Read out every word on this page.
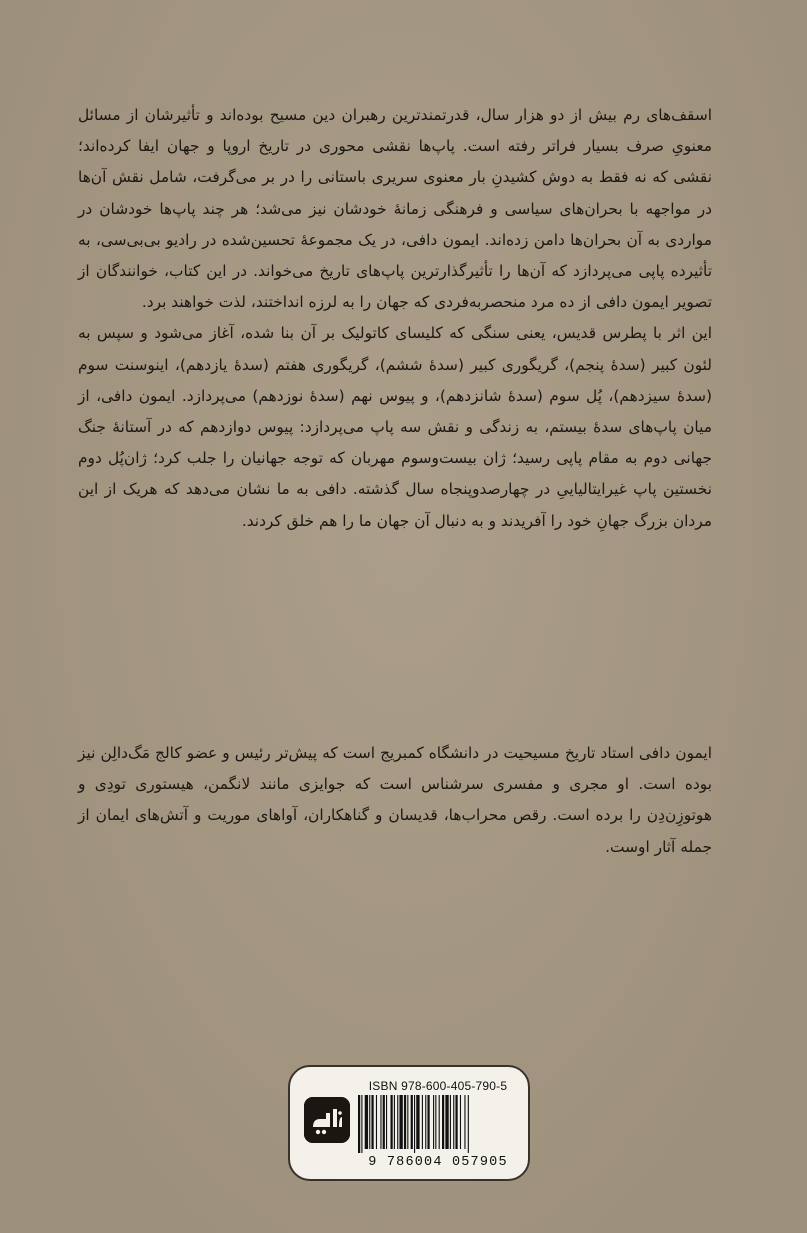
اسقف‌های رم بیش از دو هزار سال، قدرتمندترین رهبران دین مسیح بوده‌اند و تأثیرشان از مسائل معنویِ صرف بسیار فراتر رفته است. پاپ‌ها نقشی محوری در تاریخ اروپا و جهان ایفا کرده‌اند؛ نقشی که نه فقط به دوش کشیدنِ بار معنوی سریری باستانی را در بر می‌گرفت، شامل نقش آن‌ها در مواجهه با بحران‌های سیاسی و فرهنگی زمانهٔ خودشان نیز می‌شد؛ هر چند پاپ‌ها خودشان در مواردی به آن بحران‌ها دامن زده‌اند. ایمون دافی، در یک مجموعهٔ تحسین‌شده در رادیو بی‌بی‌سی، به تأثیرده پاپی می‌پردازد که آن‌ها را تأثیرگذارترین پاپ‌های تاریخ می‌خواند. در این کتاب، خوانندگان از تصویر ایمون دافی از ده مرد منحصربه‌فردی که جهان را به لرزه انداختند، لذت خواهند برد.

این اثر با پطرس قدیس، یعنی سنگی که کلیسای کاتولیک بر آن بنا شده، آغاز می‌شود و سپس به لئون کبیر (سدهٔ پنجم)، گریگوری کبیر (سدهٔ ششم)، گریگوری هفتم (سدهٔ یازدهم)، اینوسنت سوم (سدهٔ سیزدهم)، پُل سوم (سدهٔ شانزدهم)، و پیوس نهم (سدهٔ نوزدهم) می‌پردازد. ایمون دافی، از میان پاپ‌های سدهٔ بیستم، به زندگی و نقش سه پاپ می‌پردازد: پیوس دوازدهم که در آستانهٔ جنگ جهانی دوم به مقام پاپی رسید؛ ژان بیست‌وسوم مهربان که توجه جهانیان را جلب کرد؛ ژان‌پُل دوم نخستین پاپ غیرایتالیاییِ در چهارصدوپنجاه سال گذشته. دافی به ما نشان می‌دهد که هریک از این مردان بزرگ جهانِ خود را آفریدند و به دنبال آن جهان ما را هم خلق کردند.

ایمون دافی استاد تاریخ مسیحیت در دانشگاه کمبریج است که پیش‌تر رئیس و عضو کالج مَگ‌دالِن نیز بوده است. او مجری و مفسری سرشناس است که جوایزی مانند لانگمن، هیستوری تودِی و هوتوزِن‌دِن را برده است. رقص محراب‌ها، قدیسان و گناهکاران، آواهای موریت و آتش‌های ایمان از جمله آثار اوست.

ISBN 978-600-405-790-5
9 786004 057905
